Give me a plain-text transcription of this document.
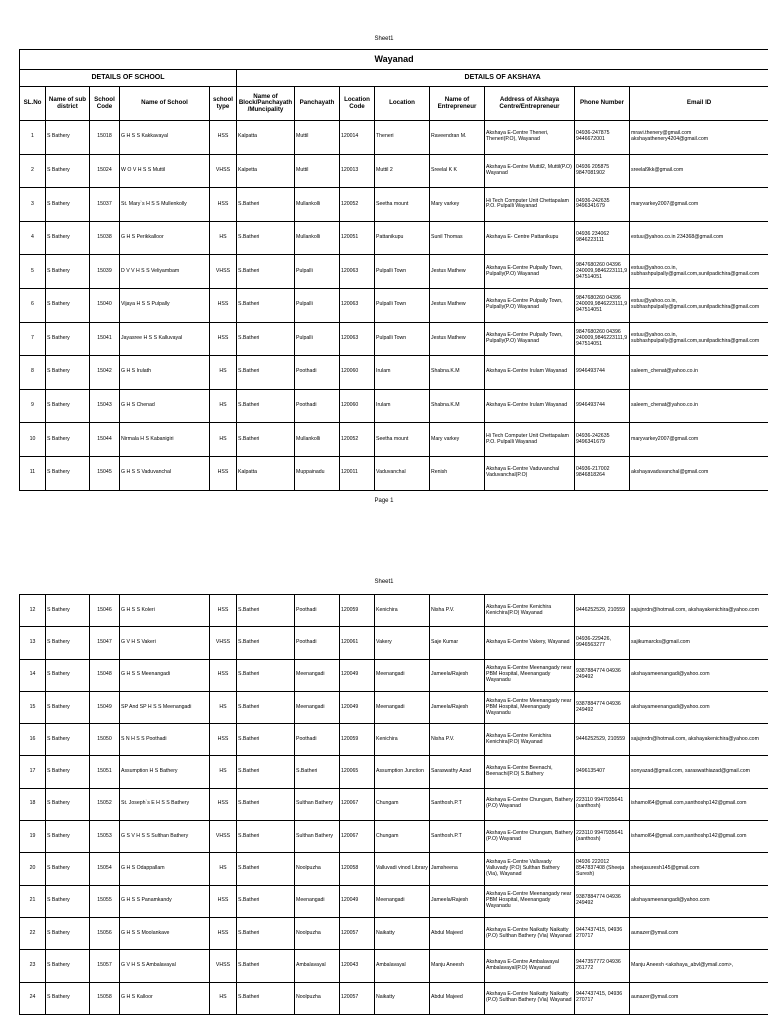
Sheet1
Wayanad												
DETAILS OF SCHOOL					DETAILS OF AKSHAYA							
SL.No	Name of sub district	School Code	Name of School	school type	Name of Block/Panchayath/Muncipality	Panchayath	Location Code	Location	Name of Entrepreneur	Address of Akshaya Centre/Entrepreneur	Phone Number	Email ID
1	S Bathery	15018	G H S S Kakkavayal	HSS	Kalpatta	Muttil	120014	Theneri	Raveendran M.	Akshaya E-Centre Theneri, Theneri(P.O), Wayanad	04936-247875 9446672001	mravi.thenery@gmail.com akshayathenery4204@gmail.com
2	S Bathery	15024	W O V H S S Muttil	VHSS	Kalpetta	Muttil	120013	Muttil 2	Sreelal K K	Akshaya E-Centre Muttil2, Muttil(P.O) Wayanad	04936 205875 9847081902	sreelal9kk@gmail.com
3	S Bathery	15037	St. Mary`s H S S Mullenkolly	HSS	S.Batheri	Mullankolli	120052	Seetha mount	Mary varkey	Hi Tech Computer Unit Chettapalam P.O. Pulpalli Wayanad	04936-242635 9496341679	maryvarkey2007@gmail.com
4	S Bathery	15038	G H S Perikkalloor	HS	S.Batheri	Mullankolli	120051	Pattanikupu	Sunil Thomas	Akshaya E- Centre Pattanikupu	04936 234062 9846223111	estuu@yahoo.co.in 234368@gmail.com
5	S Bathery	15039	D V V H S S Veliyambam	VHSS	S.Batheri	Pulpalli	120063	Pulpalli Town	Jestus Mathew	Akshaya E-Centre Pulpally Town, Pulpally(P.O) Wayanad	9847680260 04396 240009,9846223111,9947514051	estuu@yahoo.co.in, subhashpulpally@gmail.com,sunilpadichira@gmail.com
6	S Bathery	15040	Vijaya H S S Pulpally	HSS	S.Batheri	Pulpalli	120063	Pulpalli Town	Jestus Mathew	Akshaya E-Centre Pulpally Town, Pulpally(P.O) Wayanad	9847680260 04396 240009,9846223111,9947514051	estuu@yahoo.co.in, subhashpulpally@gmail.com,sunilpadichira@gmail.com
7	S Bathery	15041	Jayasree H S S Kalluvayal	HSS	S.Batheri	Pulpalli	120063	Pulpalli Town	Jestus Mathew	Akshaya E-Centre Pulpally Town, Pulpally(P.O) Wayanad	9847680260 04396 240009,9846223111,9947514051	estuu@yahoo.co.in, subhashpulpally@gmail.com,sunilpadichira@gmail.com
8	S Bathery	15042	G H S Irulath	HS	S.Batheri	Poothadi	120060	Irulam	Shabna.K.M	Akshaya E-Centre Irulam Wayanad	9946493744	saleem_chenat@yahoo.co.in
9	S Bathery	15043	G H S Chenad	HS	S.Batheri	Poothadi	120060	Irulam	Shabna.K.M	Akshaya E-Centre Irulam Wayanad	9946493744	saleem_chenat@yahoo.co.in
10	S Bathery	15044	Nirmala H S Kabanigiri	HS	S.Batheri	Mullankolli	120052	Seetha mount	Mary varkey	Hi Tech Computer Unit Chettapalam P.O. Pulpalli Wayanad	04936-242635 9496341679	maryvarkey2007@gmail.com
11	S Bathery	15045	G H S S Vaduvanchal	HSS	Kalpatta	Muppainadu	120011	Vaduvanchal	Renish	Akshaya E-Centre Vaduvanchal Vaduvanchal(P.O)	04936-217002 9846818264	akshayavaduvanchal@gmail.com
Page 1
Sheet1
12	S Bathery	15046	G H S S Koleri	HSS	S.Batheri	Poothadi	120059	Kenichira	Nisha P.V.	Akshaya E-Centre Kenichira Kenichira(P.O) Wayanad	9446252529, 210559	sajujnrdn@hotmail.com, akshayakenichira@yahoo.com
13	S Bathery	15047	G V H S Vakeri	VHSS	S.Batheri	Poothadi	120061	Vakery	Saje Kumar	Akshaya E-Centre Vakery, Wayanad	04936-229426, 9946563277	sajikumarcks@gmail.com
14	S Bathery	15048	G H S S Meenangadi	HSS	S.Batheri	Meenangadi	120049	Meenangadi	Jameela/Rajesh	Akshaya E-Centre Meenangady near PBM Hospital, Meenangady Wayanadu	9387884774 04936 249492	akshayameenangadi@yahoo.com
15	S Bathery	15049	SP And SP H S S Meenangadi	HS	S.Batheri	Meenangadi	120049	Meenangadi	Jameela/Rajesh	Akshaya E-Centre Meenangady near PBM Hospital, Meenangady Wayanadu	9387884774 04936 249492	akshayameenangadi@yahoo.com
16	S Bathery	15050	S N H S S Poothadi	HSS	S.Batheri	Poothadi	120059	Kenichira	Nisha P.V.	Akshaya E-Centre Kenichira Kenichira(P.O) Wayanad	9446252529, 210559	sajujnrdn@hotmail.com, akshayakenichira@yahoo.com
17	S Bathery	15051	Assumption H S Bathery	HS	S.Batheri	S.Batheri	120065	Assumption Junction	Saraswathy Azad	Akshaya E-Centre Beenachi, Beenachi(P.O) S.Bathery	9496135407	sonyazad@gmail.com, saraswathiazad@gmail.com
18	S Bathery	15052	St. Joseph`s E H S S Bathery	HSS	S.Batheri	Sulthan Bathery	120067	Chungam	Santhosh.P.T	Akshaya E-Centre Chungam, Bathery (P.O) Wayanad	223110 9947935641 (santhosh)	ishamol64@gmail.com,santhoshp142@gmail.com
19	S Bathery	15053	G S V H S S Sulthan Bathery	VHSS	S.Batheri	Sulthan Bathery	120067	Chungam	Santhosh.P.T	Akshaya E-Centre Chungam, Bathery (P.O) Wayanad	223110 9947935641 (santhosh)	ishamol64@gmail.com,santhoshp142@gmail.com
20	S Bathery	15054	G H S Odappallam	HS	S.Batheri	Noolpuzha	120058	Valluvadi vinod Library	Jamsheena	Akshaya E-Centre Valluvady Valluvady (P.O) Sulthan Bathery (Via), Wayanad	04936 222012 8547837408 (Sheeja Suresh)	sheejasuresh145@gmail.com
21	S Bathery	15055	G H S S Panamkandy	HSS	S.Batheri	Meenangadi	120049	Meenangadi	Jameela/Rajesh	Akshaya E-Centre Meenangady near PBM Hospital, Meenangady Wayanadu	9387884774 04936 249492	akshayameenangadi@yahoo.com
22	S Bathery	15056	G H S S Moolankave	HSS	S.Batheri	Noolpuzha	120057	Naikatty	Abdul Majeed	Akshaya E-Centre Naikatty Naikatty (P.O) Sulthan Bathery (Via) Wayanad	9447437415, 04936 270717	aunazer@ymail.com
23	S Bathery	15057	G V H S S Ambalavayal	VHSS	S.Batheri	Ambalavayal	120043	Ambalavayal	Manju Aneesh	Akshaya E-Centre Ambalavayal Ambalavayal(P.O) Wayanad	9447357772 04936 261772	Manju Aneesh <akshaya_abvl@ymail.com>,
24	S Bathery	15058	G H S Kalloor	HS	S.Batheri	Noolpuzha	120057	Naikatty	Abdul Majeed	Akshaya E-Centre Naikatty Naikatty (P.O) Sulthan Bathery (Via) Wayanad	9447437415, 04936 270717	aunazer@ymail.com
